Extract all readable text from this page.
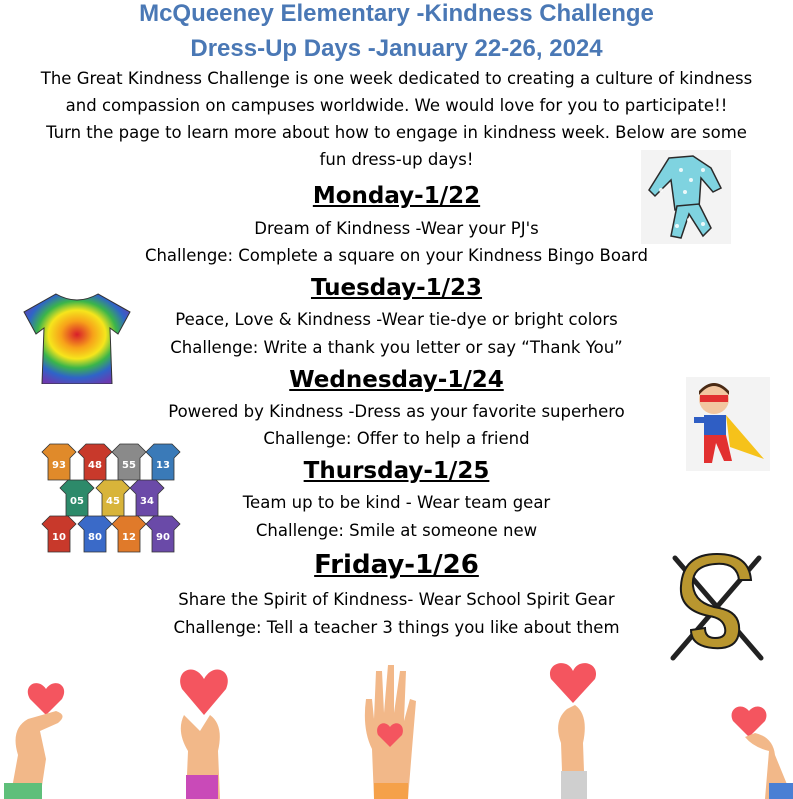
McQueeney Elementary -Kindness Challenge
Dress-Up Days -January 22-26, 2024
The Great Kindness Challenge is one week dedicated to creating a culture of kindness
and compassion on campuses worldwide. We would love for you to participate!!
Turn the page to learn more about how to engage in kindness week. Below are some
fun dress-up days!
Monday-1/22
Dream of Kindness -Wear your PJ's
Challenge: Complete a square on your Kindness Bingo Board
Tuesday-1/23
Peace, Love & Kindness -Wear tie-dye or bright colors
Challenge: Write a thank you letter or say “Thank You”
Wednesday-1/24
Powered by Kindness -Dress as your favorite superhero
Challenge: Offer to help a friend
Thursday-1/25
Team up to be kind - Wear team gear
Challenge: Smile at someone new
Friday-1/26
Share the Spirit of Kindness- Wear School Spirit Gear
Challenge: Tell a teacher 3 things you like about them
93 48 55 13
05 45 34
10 80 12 90
